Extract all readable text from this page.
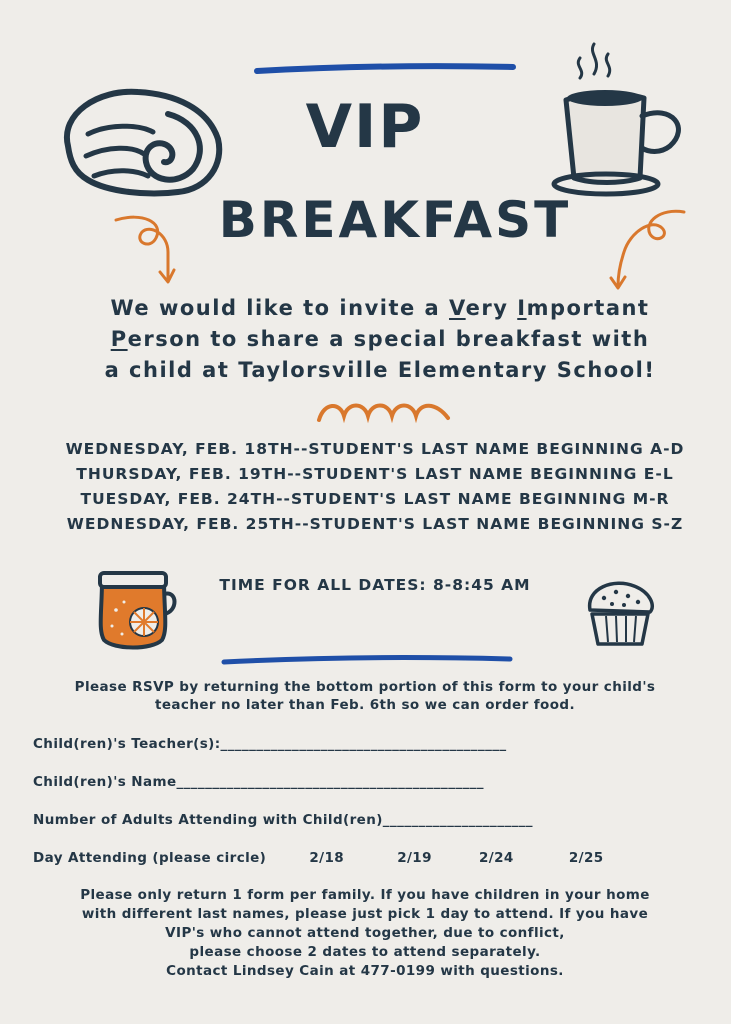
VIP
BREAKFAST
We would like to invite a Very Important
Person to share a special breakfast with
a child at Taylorsville Elementary School!
WEDNESDAY, FEB. 18TH--STUDENT'S LAST NAME BEGINNING A-D
THURSDAY, FEB. 19TH--STUDENT'S LAST NAME BEGINNING E-L
TUESDAY, FEB. 24TH--STUDENT'S LAST NAME BEGINNING M-R
WEDNESDAY, FEB. 25TH--STUDENT'S LAST NAME BEGINNING S-Z
TIME FOR ALL DATES: 8-8:45 AM
Please RSVP by returning the bottom portion of this form to your child's
teacher no later than Feb. 6th so we can order food.
Child(ren)'s Teacher(s):________________________________________
Child(ren)'s Name___________________________________________
Number of Adults Attending with Child(ren)_____________________
Day Attending (please circle)	2/18	2/19	2/24	2/25
Please only return 1 form per family. If you have children in your home
with different last names, please just pick 1 day to attend. If you have
VIP's who cannot attend together, due to conflict,
please choose 2 dates to attend separately.
Contact Lindsey Cain at 477-0199 with questions.
